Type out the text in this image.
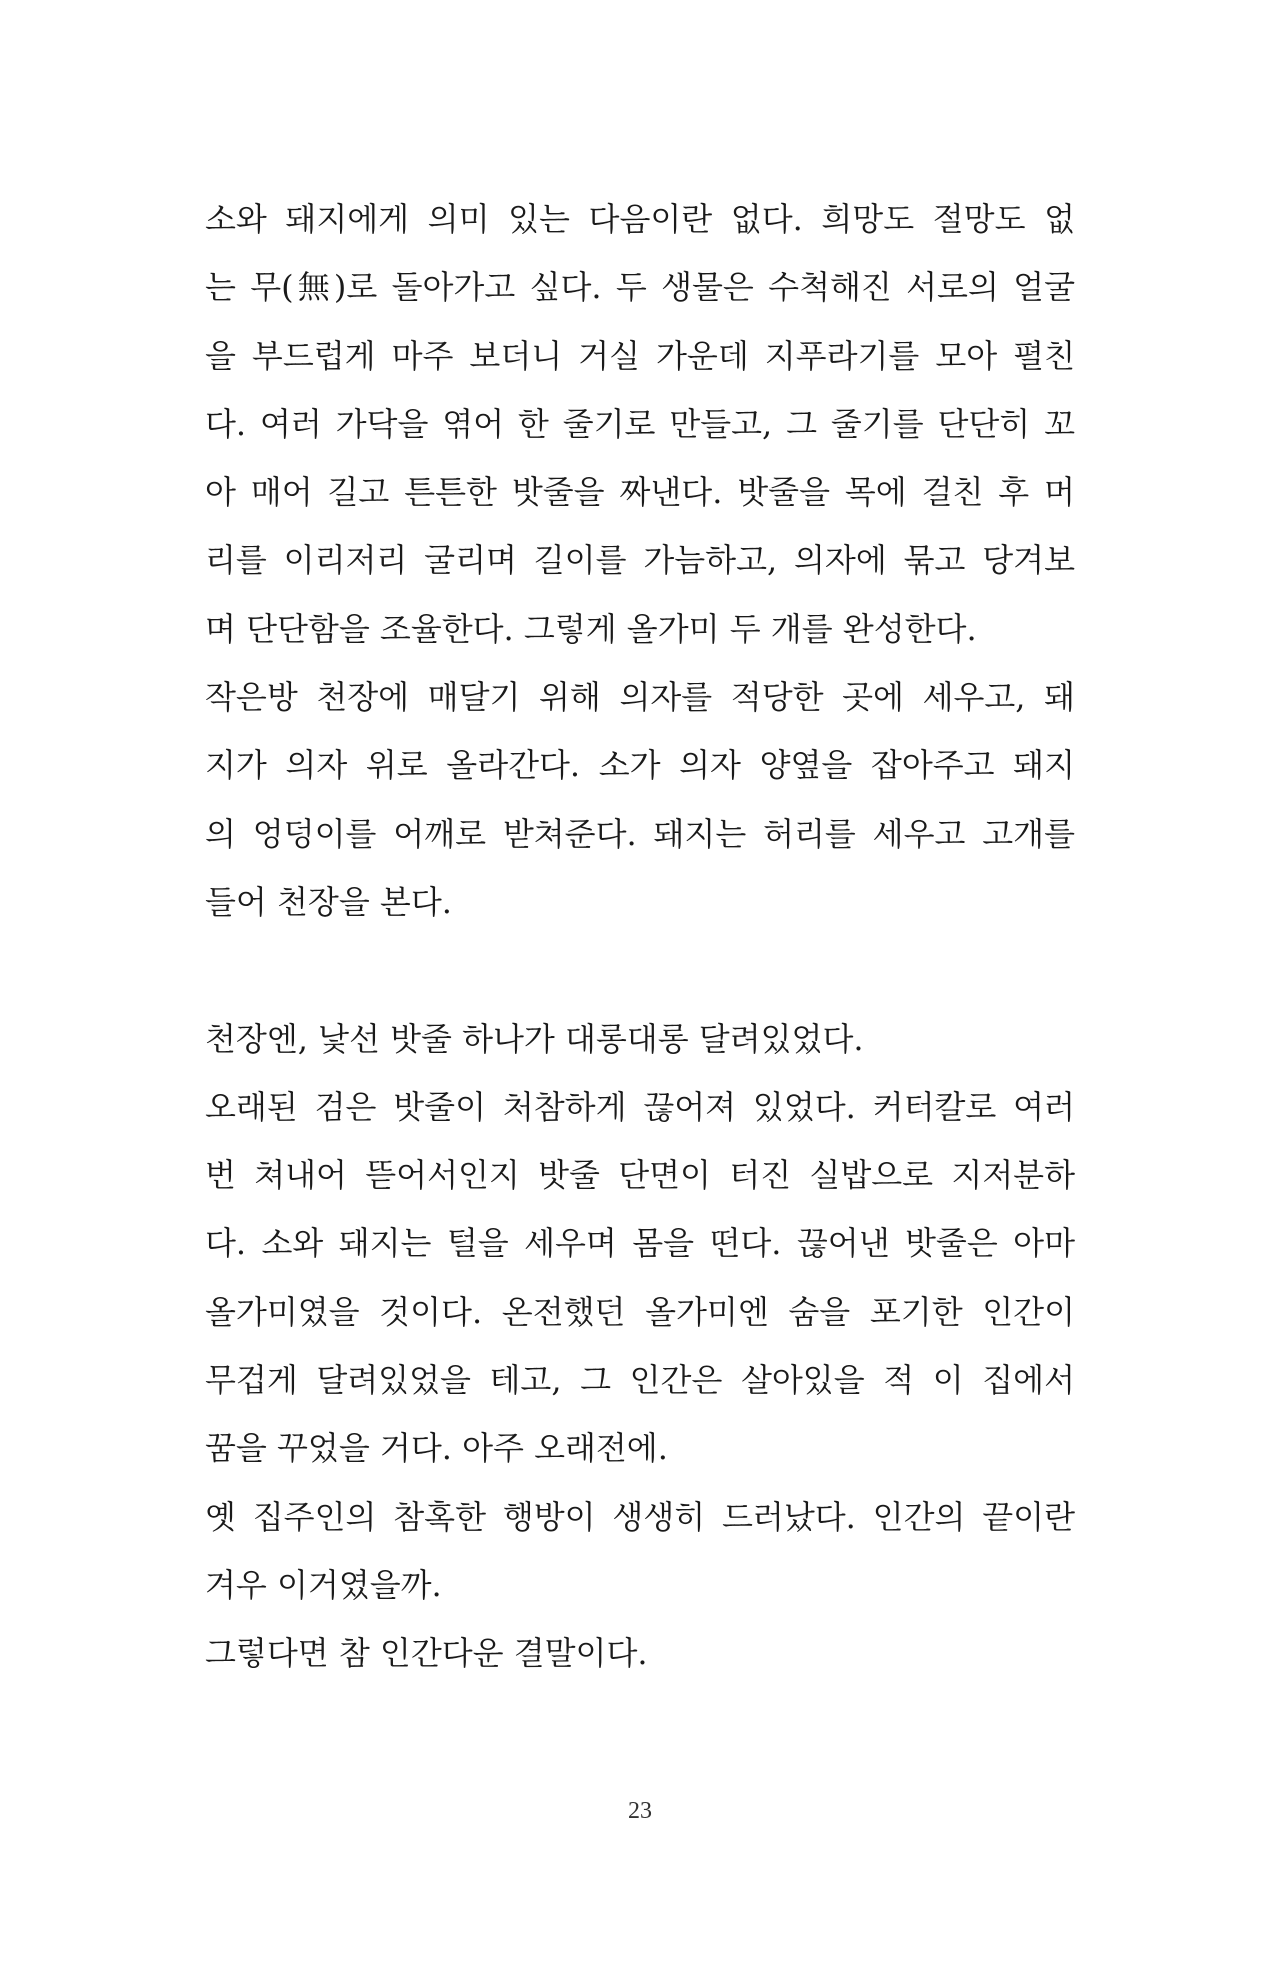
소와 돼지에게 의미 있는 다음이란 없다. 희망도 절망도 없
는 무(無)로 돌아가고 싶다. 두 생물은 수척해진 서로의 얼굴
을 부드럽게 마주 보더니 거실 가운데 지푸라기를 모아 펼친
다. 여러 가닥을 엮어 한 줄기로 만들고, 그 줄기를 단단히 꼬
아 매어 길고 튼튼한 밧줄을 짜낸다. 밧줄을 목에 걸친 후 머
리를 이리저리 굴리며 길이를 가늠하고, 의자에 묶고 당겨보
며 단단함을 조율한다. 그렇게 올가미 두 개를 완성한다.
작은방 천장에 매달기 위해 의자를 적당한 곳에 세우고, 돼
지가 의자 위로 올라간다. 소가 의자 양옆을 잡아주고 돼지
의 엉덩이를 어깨로 받쳐준다. 돼지는 허리를 세우고 고개를
들어 천장을 본다.
천장엔, 낯선 밧줄 하나가 대롱대롱 달려있었다.
오래된 검은 밧줄이 처참하게 끊어져 있었다. 커터칼로 여러
번 쳐내어 뜯어서인지 밧줄 단면이 터진 실밥으로 지저분하
다. 소와 돼지는 털을 세우며 몸을 떤다. 끊어낸 밧줄은 아마
올가미였을 것이다. 온전했던 올가미엔 숨을 포기한 인간이
무겁게 달려있었을 테고, 그 인간은 살아있을 적 이 집에서
꿈을 꾸었을 거다. 아주 오래전에.
옛 집주인의 참혹한 행방이 생생히 드러났다. 인간의 끝이란
겨우 이거였을까.
그렇다면 참 인간다운 결말이다.
23
